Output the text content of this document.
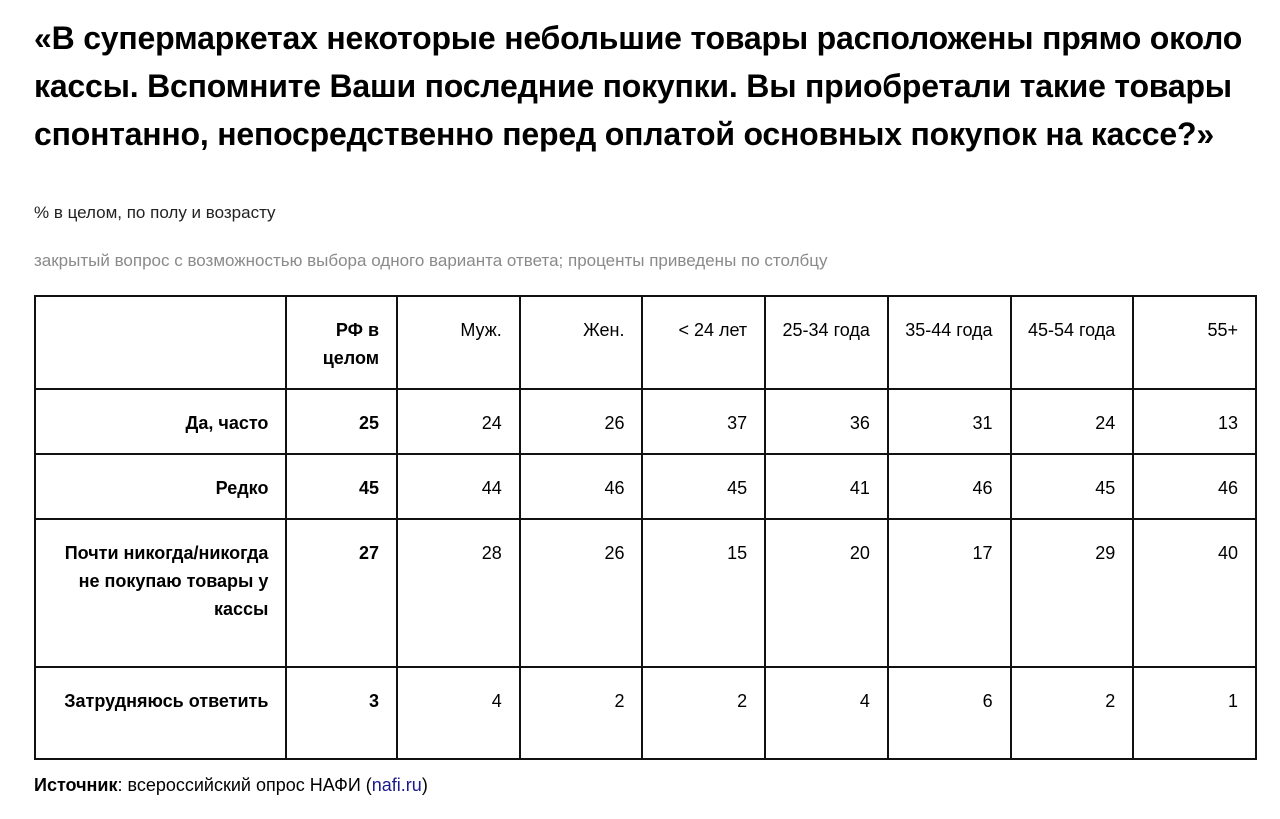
«В супермаркетах некоторые небольшие товары расположены прямо около кассы. Вспомните Ваши последние покупки. Вы приобретали такие товары спонтанно, непосредственно перед оплатой основных покупок на кассе?»
% в целом, по полу и возрасту
закрытый вопрос с возможностью выбора одного варианта ответа; проценты приведены по столбцу
	РФ в целом	Муж.	Жен.	< 24 лет	25-34 года	35-44 года	45-54 года	55+
Да, часто	25	24	26	37	36	31	24	13
Редко	45	44	46	45	41	46	45	46
Почти никогда/никогда не покупаю товары у кассы	27	28	26	15	20	17	29	40
Затрудняюсь ответить	3	4	2	2	4	6	2	1
Источник: всероссийский опрос НАФИ (nafi.ru)
